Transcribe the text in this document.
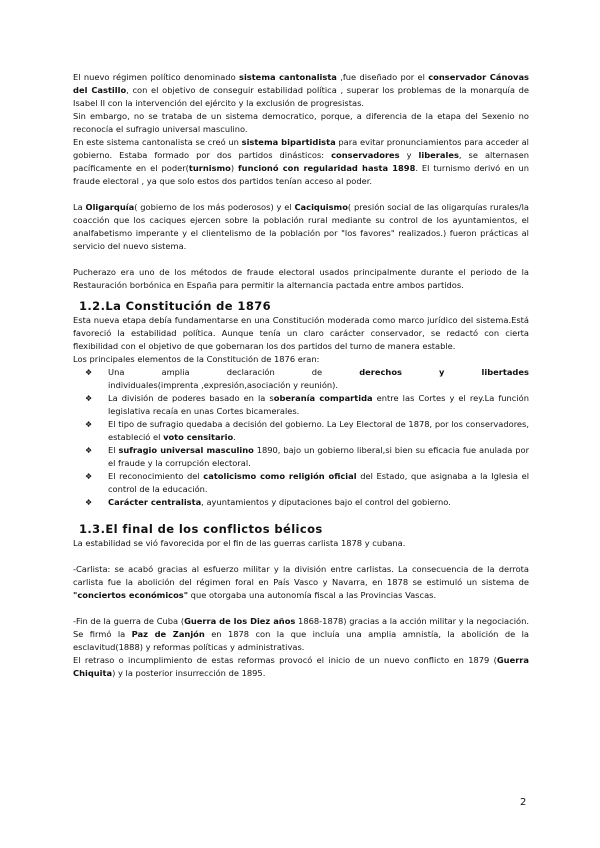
El nuevo régimen político denominado sistema cantonalista ,fue diseñado por el conservador Cánovas del Castillo, con el objetivo de conseguir estabilidad política , superar los problemas de la monarquía de Isabel II con la intervención del ejército y la exclusión de progresistas.

Sin embargo, no se trataba de un sistema democratico, porque, a diferencia de la etapa del Sexenio no reconocía el sufragio universal masculino.

En este sistema cantonalista se creó un sistema bipartidista para evitar pronunciamientos para acceder al gobierno. Estaba formado por dos partidos dinásticos: conservadores y liberales, se alternasen pacíficamente en el poder(turnismo) funcionó con regularidad hasta 1898. El turnismo derivó en un fraude electoral , ya que solo estos dos partidos tenían acceso al poder.

La Oligarquía( gobierno de los más poderosos) y el Caciquismo( presión social de las oligarquías rurales/la coacción que los caciques ejercen sobre la población rural mediante su control de los ayuntamientos, el analfabetismo imperante y el clientelismo de la población por "los favores" realizados.) fueron prácticas al servicio del nuevo sistema.

Pucherazo era uno de los métodos de fraude electoral usados principalmente durante el periodo de la Restauración borbónica en España para permitir la alternancia pactada entre ambos partidos.

1.2.La Constitución de 1876

Esta nueva etapa debía fundamentarse en una Constitución moderada como marco jurídico del sistema.Está favoreció la estabilidad política. Aunque tenía un claro carácter conservador, se redactó con cierta flexibilidad con el objetivo de que gobernaran los dos partidos del turno de manera estable.

Los principales elementos de la Constitución de 1876 eran:

❖ Una	amplia	declaración	de	derechos	y	libertades
individuales(imprenta ,expresión,asociación y reunión).
❖ La división de poderes basado en la soberanía compartida entre las Cortes y el rey.La función legislativa recaía en unas Cortes bicamerales.
❖ El tipo de sufragio quedaba a decisión del gobierno. La Ley Electoral de 1878, por los conservadores, estableció el voto censitario.
❖ El sufragio universal masculino 1890, bajo un gobierno liberal,si bien su eficacia fue anulada por el fraude y la corrupción electoral.
❖ El reconocimiento del catolicismo como religión oficial del Estado, que asignaba a la Iglesia el control de la educación.
❖ Carácter centralista, ayuntamientos y diputaciones bajo el control del gobierno.
1.3.El final de los conflictos bélicos

La estabilidad se vió favorecida por el fin de las guerras carlista 1878 y cubana.

-Carlista: se acabó gracias al esfuerzo militar y la división entre carlistas. La consecuencia de la derrota carlista fue la abolición del régimen foral en País Vasco y Navarra, en 1878 se estimuló un sistema de "conciertos económicos" que otorgaba una autonomía fiscal a las Provincias Vascas.

-Fin de la guerra de Cuba (Guerra de los Diez años 1868-1878) gracias a la acción militar y la negociación. Se firmó la Paz de Zanjón en 1878 con la que incluía una amplia amnistía, la abolición de la esclavitud(1888) y reformas políticas y administrativas.

El retraso o incumplimiento de estas reformas provocó el inicio de un nuevo conflicto en 1879 (Guerra Chiquita) y la posterior insurrección de 1895.

2
